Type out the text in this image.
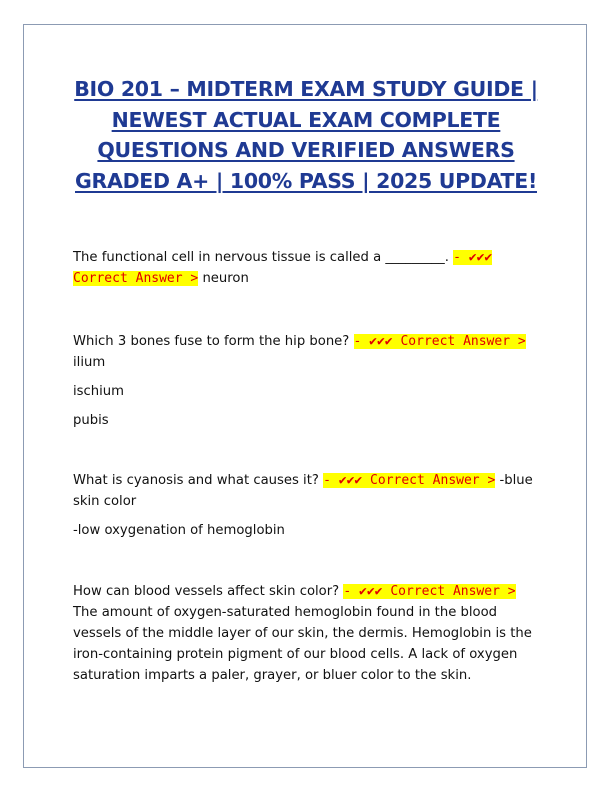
BIO 201 – MIDTERM EXAM STUDY GUIDE |
NEWEST ACTUAL EXAM COMPLETE
QUESTIONS AND VERIFIED ANSWERS
GRADED A+ | 100% PASS | 2025 UPDATE!

The functional cell in nervous tissue is called a _________. - ✔✔✔
Correct Answer > neuron

Which 3 bones fuse to form the hip bone? - ✔✔✔ Correct Answer >
ilium

ischium

pubis

What is cyanosis and what causes it? - ✔✔✔ Correct Answer > -blue skin color

-low oxygenation of hemoglobin

How can blood vessels affect skin color? - ✔✔✔ Correct Answer > The amount of oxygen-saturated hemoglobin found in the blood vessels of the middle layer of our skin, the dermis. Hemoglobin is the iron-containing protein pigment of our blood cells. A lack of oxygen saturation imparts a paler, grayer, or bluer color to the skin.
